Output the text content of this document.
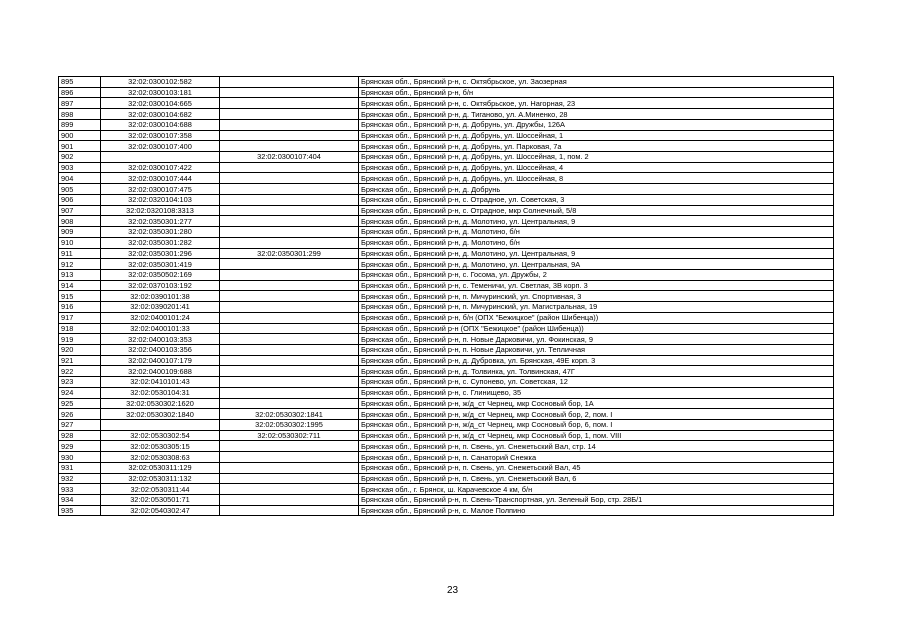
895	32:02:0300102:582		Брянская обл., Брянский р-н, с. Октябрьское, ул. Заозерная
896	32:02:0300103:181		Брянская обл., Брянский р-н, б/н
897	32:02:0300104:665		Брянская обл., Брянский р-н, с. Октябрьское, ул. Нагорная, 23
898	32:02:0300104:682		Брянская обл., Брянский р-н, д. Тиганово, ул. А.Миненко, 28
899	32:02:0300104:688		Брянская обл., Брянский р-н, д. Добрунь, ул. Дружбы, 126А
900	32:02:0300107:358		Брянская обл., Брянский р-н, д. Добрунь, ул. Шоссейная, 1
901	32:02:0300107:400		Брянская обл., Брянский р-н, д. Добрунь, ул. Парковая, 7а
902		32:02:0300107:404	Брянская обл., Брянский р-н, д. Добрунь, ул. Шоссейная, 1, пом. 2
903	32:02:0300107:422		Брянская обл., Брянский р-н, д. Добрунь, ул. Шоссейная, 4
904	32:02:0300107:444		Брянская обл., Брянский р-н, д. Добрунь, ул. Шоссейная, 8
905	32:02:0300107:475		Брянская обл., Брянский р-н, д. Добрунь
906	32:02:0320104:103		Брянская обл., Брянский р-н, с. Отрадное, ул. Советская, 3
907	32:02:0320108:3313		Брянская обл., Брянский р-н, с. Отрадное, мкр Солнечный, 5/8
908	32:02:0350301:277		Брянская обл., Брянский р-н, д. Молотино, ул. Центральная, 9
909	32:02:0350301:280		Брянская обл., Брянский р-н, д. Молотино, б/н
910	32:02:0350301:282		Брянская обл., Брянский р-н, д. Молотино, б/н
911	32:02:0350301:296	32:02:0350301:299	Брянская обл., Брянский р-н, д. Молотино, ул. Центральная, 9
912	32:02:0350301:419		Брянская обл., Брянский р-н, д. Молотино, ул. Центральная, 9А
913	32:02:0350502:169		Брянская обл., Брянский р-н, с. Госома, ул. Дружбы, 2
914	32:02:0370103:192		Брянская обл., Брянский р-н, с. Теменичи, ул. Светлая, 3В корп. 3
915	32:02:0390101:38		Брянская обл., Брянский р-н, п. Мичуринский, ул. Спортивная, 3
916	32:02:0390201:41		Брянская обл., Брянский р-н, п. Мичуринский, ул. Магистральная, 19
917	32:02:0400101:24		Брянская обл., Брянский р-н, б/н (ОПХ "Бежицкое" (район Шибенца))
918	32:02:0400101:33		Брянская обл., Брянский р-н (ОПХ "Бежицкое" (район Шибенца))
919	32:02:0400103:353		Брянская обл., Брянский р-н, п. Новые Дарковичи, ул. Фокинская, 9
920	32:02:0400103:356		Брянская обл., Брянский р-н, п. Новые Дарковичи, ул. Тепличная
921	32:02:0400107:179		Брянская обл., Брянский р-н, д. Дубровка, ул. Брянская, 49Е корп. 3
922	32:02:0400109:688		Брянская обл., Брянский р-н, д. Толвинка, ул. Толвинская, 47Г
923	32:02:0410101:43		Брянская обл., Брянский р-н, с. Супонево, ул. Советская, 12
924	32:02:0530104:31		Брянская обл., Брянский р-н, с. Глинищево, 35
925	32:02:0530302:1620		Брянская обл., Брянский р-н, ж/д_ст Чернец, мкр Сосновый бор, 1А
926	32:02:0530302:1840	32:02:0530302:1841	Брянская обл., Брянский р-н, ж/д_ст Чернец, мкр Сосновый бор, 2, пом. I
927		32:02:0530302:1995	Брянская обл., Брянский р-н, ж/д_ст Чернец, мкр Сосновый бор, 6, пом. I
928	32:02:0530302:54	32:02:0530302:711	Брянская обл., Брянский р-н, ж/д_ст Чернец, мкр Сосновый бор, 1, пом. VIII
929	32:02:0530305:15		Брянская обл., Брянский р-н, п. Свень, ул. Снежетьский Вал, стр. 14
930	32:02:0530308:63		Брянская обл., Брянский р-н, п. Санаторий Снежка
931	32:02:0530311:129		Брянская обл., Брянский р-н, п. Свень, ул. Снежетьский Вал, 45
932	32:02:0530311:132		Брянская обл., Брянский р-н, п. Свень, ул. Снежетьский Вал, 6
933	32:02:0530311:44		Брянская обл., г. Брянск, ш. Карачевское 4 км, б/н
934	32:02:0530501:71		Брянская обл., Брянский р-н, п. Свень-Транспортная, ул. Зеленый Бор, стр. 28Б/1
935	32:02:0540302:47		Брянская обл., Брянский р-н, с. Малое Полпино
23
